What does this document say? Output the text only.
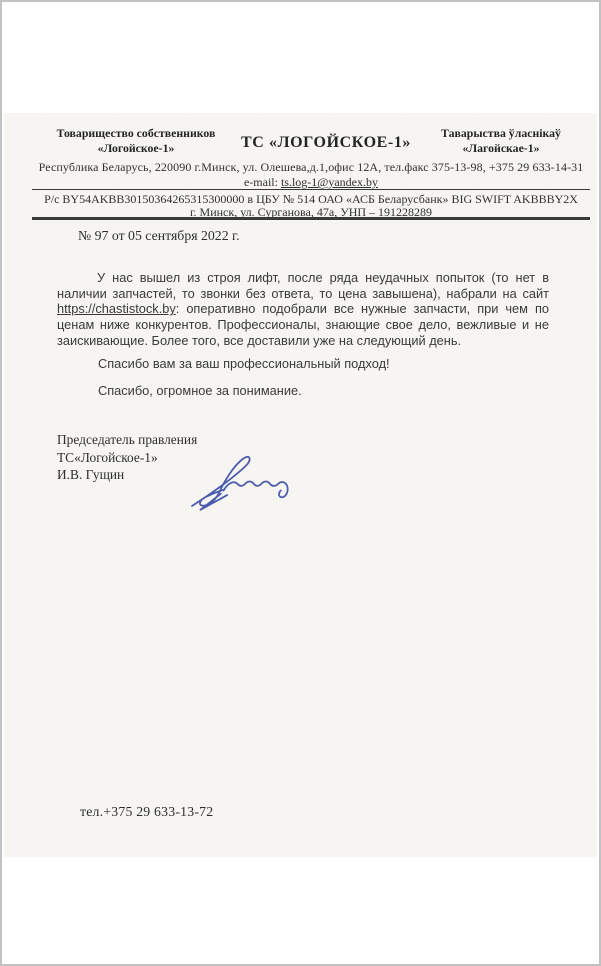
Товарищество собственников
«Логойское-1»	ТС «ЛОГОЙСКОЕ-1»
Таварыства ўласнікаў
«Лагойскае-1»
Республика Беларусь, 220090 г.Минск, ул. Олешева,д.1,офис 12А, тел.факс 375-13-98, +375 29 633-14-31
e-mail: ts.log-1@yandex.by
Р/с BY54AKBB30150364265315300000 в ЦБУ № 514 ОАО «АСБ Беларусбанк» BIG SWIFT AKBBBY2X
г. Минск, ул. Сурганова, 47а, УНП – 191228289
№ 97 от 05 сентября 2022 г.

У нас вышел из строя лифт, после ряда неудачных попыток (то нет в наличии запчастей, то звонки без ответа, то цена завышена), набрали на сайт https://chastistock.by: оперативно подобрали все нужные запчасти, при чем по ценам ниже конкурентов. Профессионалы, знающие свое дело, вежливые и не заискивающие. Более того, все доставили уже на следующий день.

Спасибо вам за ваш профессиональный подход!

Спасибо, огромное за понимание.

Председатель правления
ТС«Логойское-1»
И.В. Гущин
тел.+375 29 633-13-72
